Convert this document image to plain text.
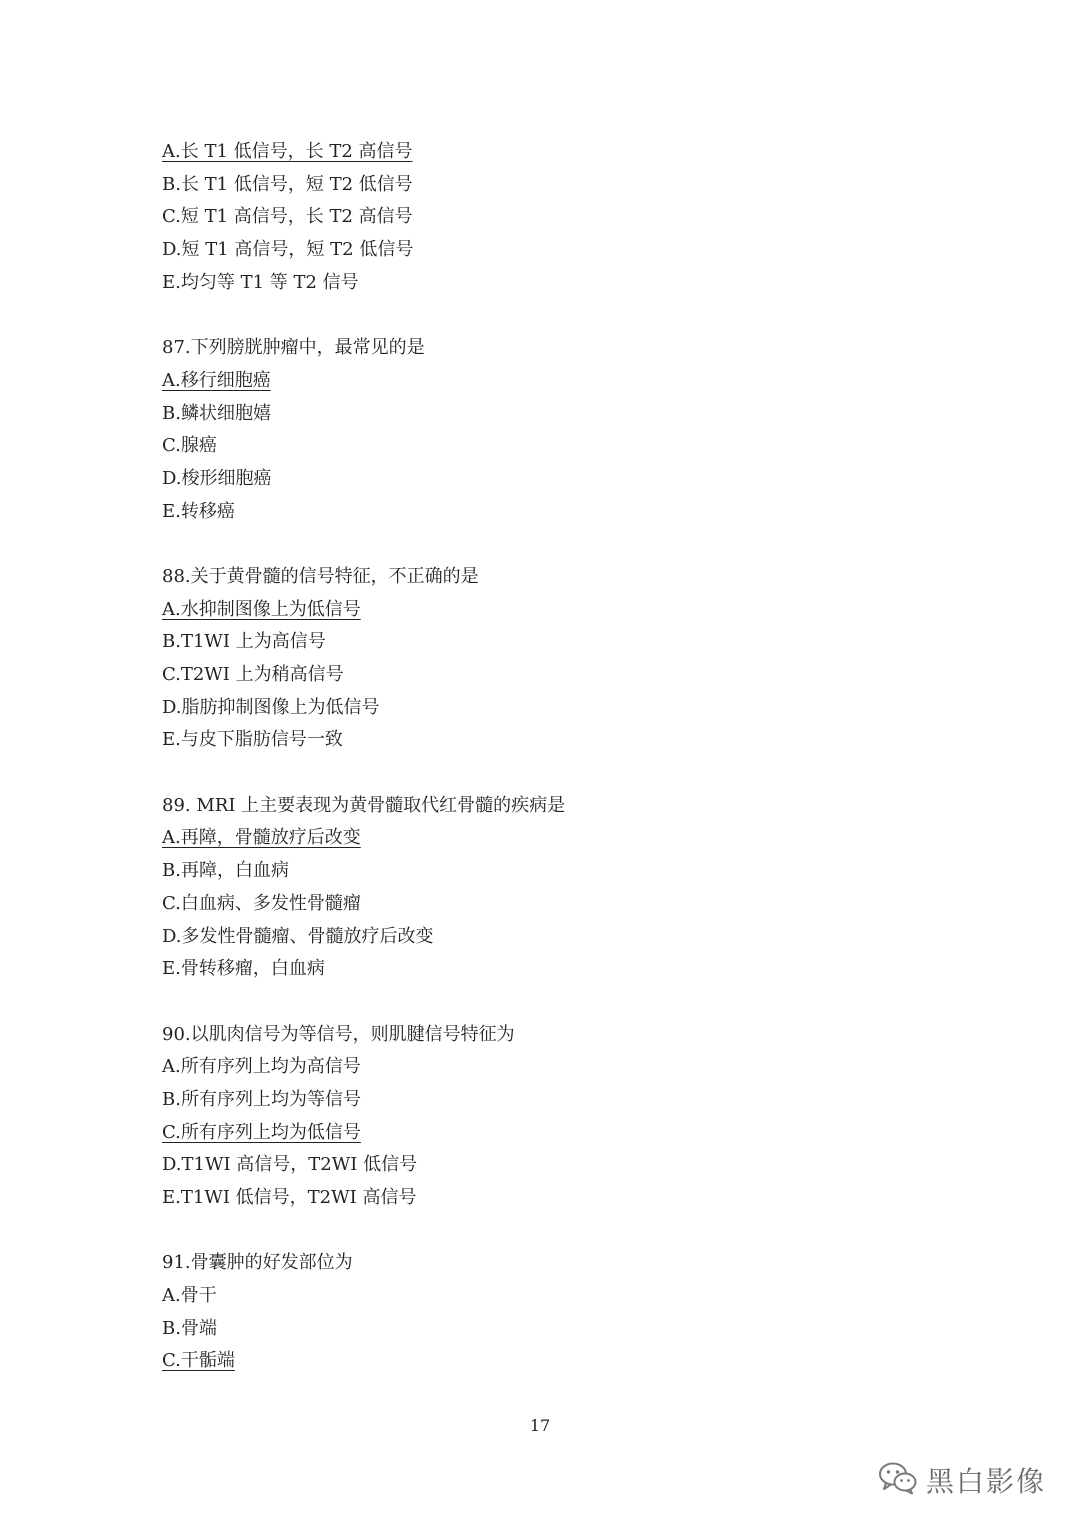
A.长 T1 低信号，长 T2 高信号
B.长 T1 低信号，短 T2 低信号
C.短 T1 高信号，长 T2 高信号
D.短 T1 高信号，短 T2 低信号
E.均匀等 T1 等 T2 信号
87.下列膀胱肿瘤中，最常见的是
A.移行细胞癌
B.鳞状细胞嬉
C.腺癌
D.梭形细胞癌
E.转移癌
88.关于黄骨髓的信号特征，不正确的是
A.水抑制图像上为低信号
B.T1WI 上为高信号
C.T2WI 上为稍高信号
D.脂肪抑制图像上为低信号
E.与皮下脂肪信号一致
89. MRI 上主要表现为黄骨髓取代红骨髓的疾病是
A.再障，骨髓放疗后改变
B.再障，白血病
C.白血病、多发性骨髓瘤
D.多发性骨髓瘤、骨髓放疗后改变
E.骨转移瘤，白血病
90.以肌肉信号为等信号，则肌腱信号特征为
A.所有序列上均为高信号
B.所有序列上均为等信号
C.所有序列上均为低信号
D.T1WI 高信号，T2WI 低信号
E.T1WI 低信号，T2WI 高信号
91.骨囊肿的好发部位为
A.骨干
B.骨端
C.干骺端
17
黑白影像
